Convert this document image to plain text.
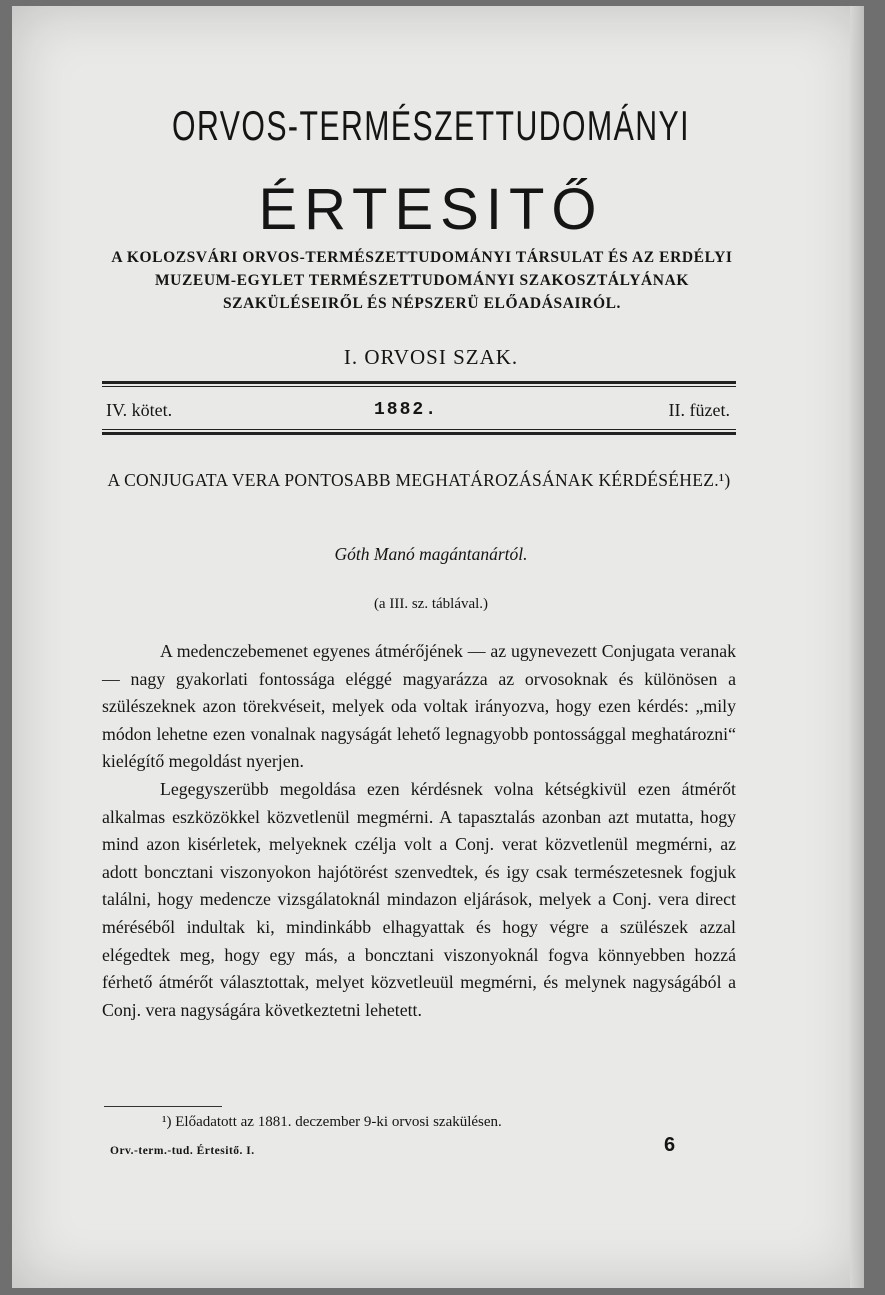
ORVOS-TERMÉSZETTUDOMÁNYI
ÉRTESITŐ
A KOLOZSVÁRI ORVOS-TERMÉSZETTUDOMÁNYI TÁRSULAT ÉS AZ ERDÉLYI MUZEUM-EGYLET TERMÉSZETTUDOMÁNYI SZAKOSZTÁLYÁNAK SZAKÜLÉSEIRŐL ÉS NÉPSZERÜ ELŐADÁSAIRÓL.
I. ORVOSI SZAK.
IV. kötet.	1882.	II. füzet.
A CONJUGATA VERA PONTOSABB MEGHATÁROZÁSÁNAK KÉRDÉSÉHEZ.¹)
Góth Manó magántanártól.
(a III. sz. táblával.)

A medenczebemenet egyenes átmérőjének — az ugynevezett Conjugata veranak — nagy gyakorlati fontossága eléggé magyarázza az orvosoknak és különösen a szülészeknek azon törekvéseit, melyek oda voltak irányozva, hogy ezen kérdés: „mily módon lehetne ezen vonalnak nagyságát lehető legnagyobb pontossággal meghatározni“ kielégítő megoldást nyerjen.

Legegyszerübb megoldása ezen kérdésnek volna kétségkivül ezen átmérőt alkalmas eszközökkel közvetlenül megmérni. A tapasztalás azonban azt mutatta, hogy mind azon kisérletek, melyeknek czélja volt a Conj. verat közvetlenül megmérni, az adott boncztani viszonyokon hajótörést szenvedtek, és igy csak természetesnek fogjuk találni, hogy medencze vizsgálatoknál mindazon eljárások, melyek a Conj. vera direct méréséből indultak ki, mindinkább elhagyattak és hogy végre a szülészek azzal elégedtek meg, hogy egy más, a boncztani viszonyoknál fogva könnyebben hozzá férhető átmérőt választottak, melyet közvetleuül megmérni, és melynek nagyságából a Conj. vera nagyságára következtetni lehetett.

¹) Előadatott az 1881. deczember 9-ki orvosi szakülésen.
Orv.-term.-tud. Értesitő. I.	6
